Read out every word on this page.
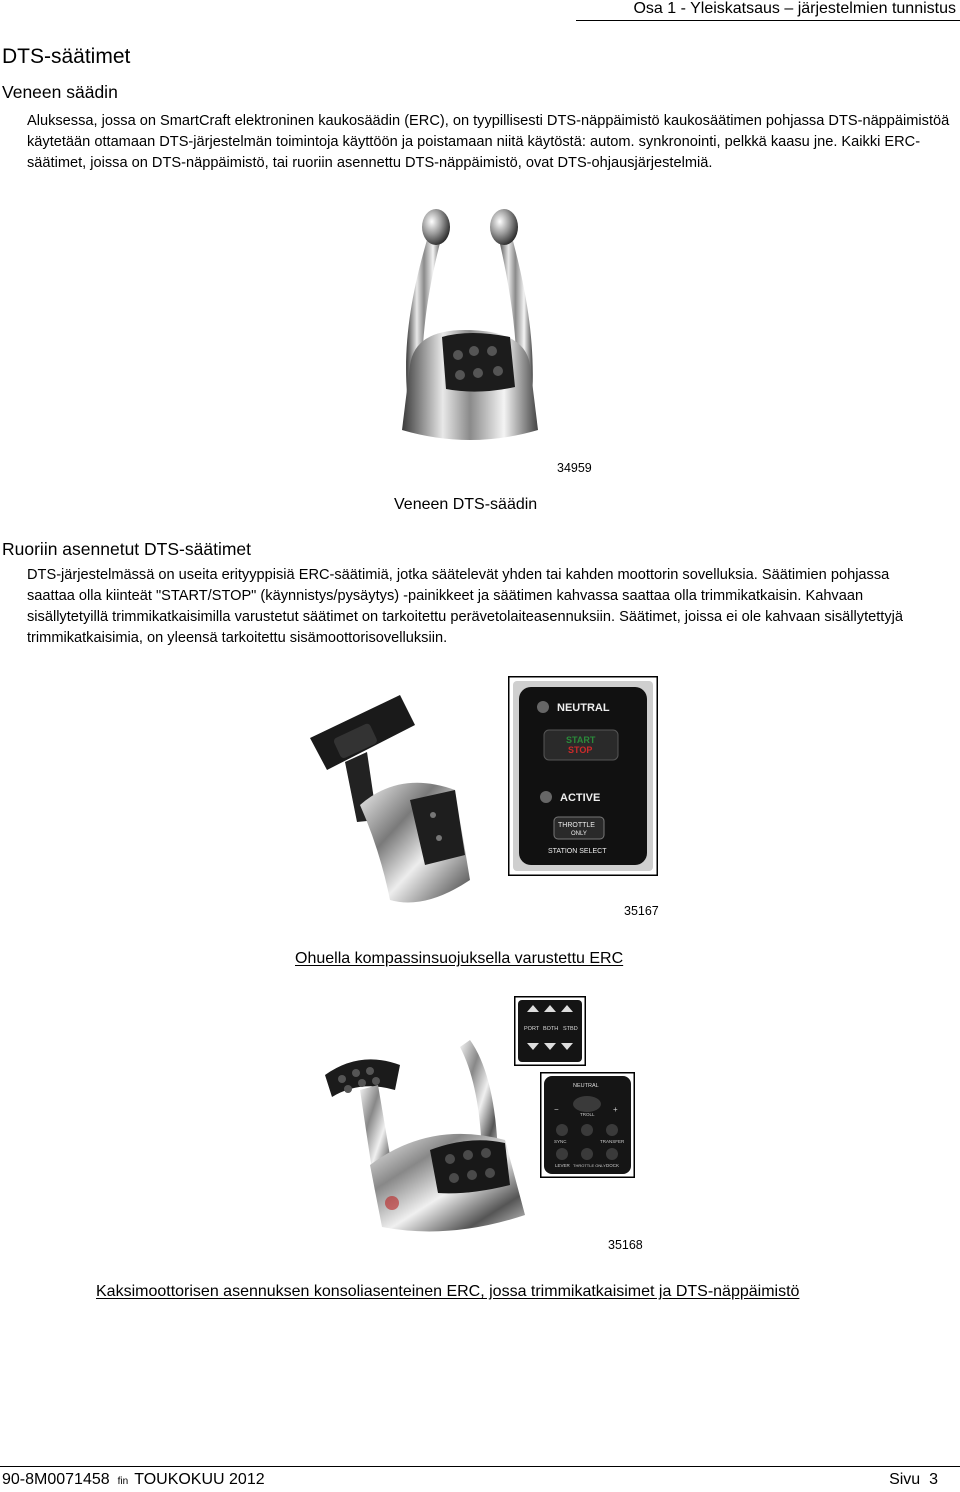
Osa 1 - Yleiskatsaus – järjestelmien tunnistus
DTS-säätimet
Veneen säädin
Aluksessa, jossa on SmartCraft elektroninen kaukosäädin (ERC), on tyypillisesti DTS-näppäimistö kaukosäätimen pohjassa DTS-näppäimistöä käytetään ottamaan DTS-järjestelmän toimintoja käyttöön ja poistamaan niitä käytöstä: autom. synkronointi, pelkkä kaasu jne. Kaikki ERC-säätimet, joissa on DTS-näppäimistö, tai ruoriin asennettu DTS-näppäimistö, ovat DTS-ohjausjärjestelmiä.
34959
Veneen DTS-säädin
Ruoriin asennetut DTS-säätimet
DTS-järjestelmässä on useita erityyppisiä ERC-säätimiä, jotka säätelevät yhden tai kahden moottorin sovelluksia. Säätimien pohjassa saattaa olla kiinteät "START/STOP" (käynnistys/pysäytys) -painikkeet ja säätimen kahvassa saattaa olla trimmikatkaisin. Kahvaan sisällytetyillä trimmikatkaisimilla varustetut säätimet on tarkoitettu perävetolaiteasennuksiin. Säätimet, joissa ei ole kahvaan sisällytettyjä trimmikatkaisimia, on yleensä tarkoitettu sisämoottorisovelluksiin.
NEUTRAL
START
STOP
ACTIVE
THROTTLE
ONLY
STATION SELECT
35167
Ohuella kompassinsuojuksella varustettu ERC
PORT BOTH STBD
NEUTRAL
TROLL
−	+
SYNC	TRANSFER
LEVER THROTTLE ONLY DOCK
35168
Kaksimoottorisen asennuksen konsoliasenteinen ERC, jossa trimmikatkaisimet ja DTS-näppäimistö
90-8M0071458 fin TOUKOKUU 2012	Sivu  3
